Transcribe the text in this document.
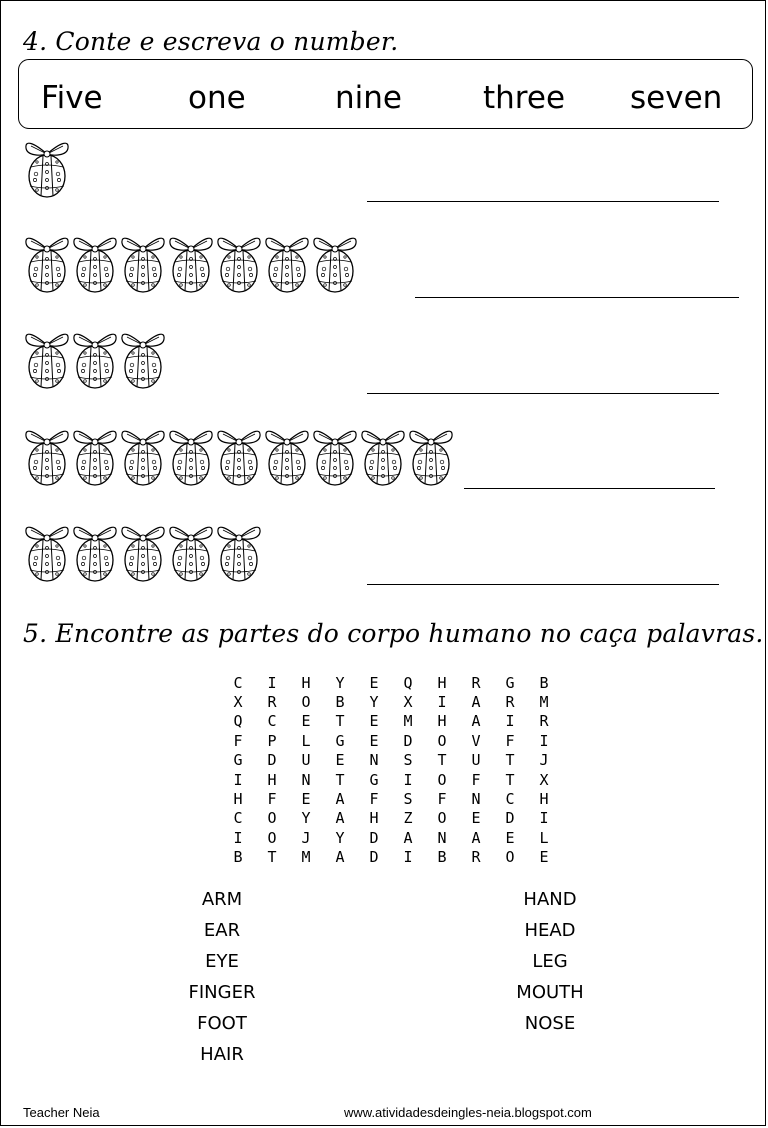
4. Conte e escreva o number.
Five	one	nine	three seven
5. Encontre as partes do corpo humano no caça palavras.
C	I	H	Y	E	Q	H	R	G	B
X	R	O	B	Y	X	I	A	R	M
Q	C	E	T	E	M	H	A	I	R
F	P	L	G	E	D	O	V	F	I
G	D	U	E	N	S	T	U	T	J
I	H	N	T	G	I	O	F	T	X
H	F	E	A	F	S	F	N	C	H
C	O	Y	A	H	Z	O	E	D	I
I	O	J	Y	D	A	N	A	E	L
B	T	M	A	D	I	B	R	O	E
ARM
EAR
EYE
FINGER
FOOT
HAIR
HAND
HEAD
LEG
MOUTH
NOSE
Teacher Neia	www.atividadesdeingles-neia.blogspot.com
